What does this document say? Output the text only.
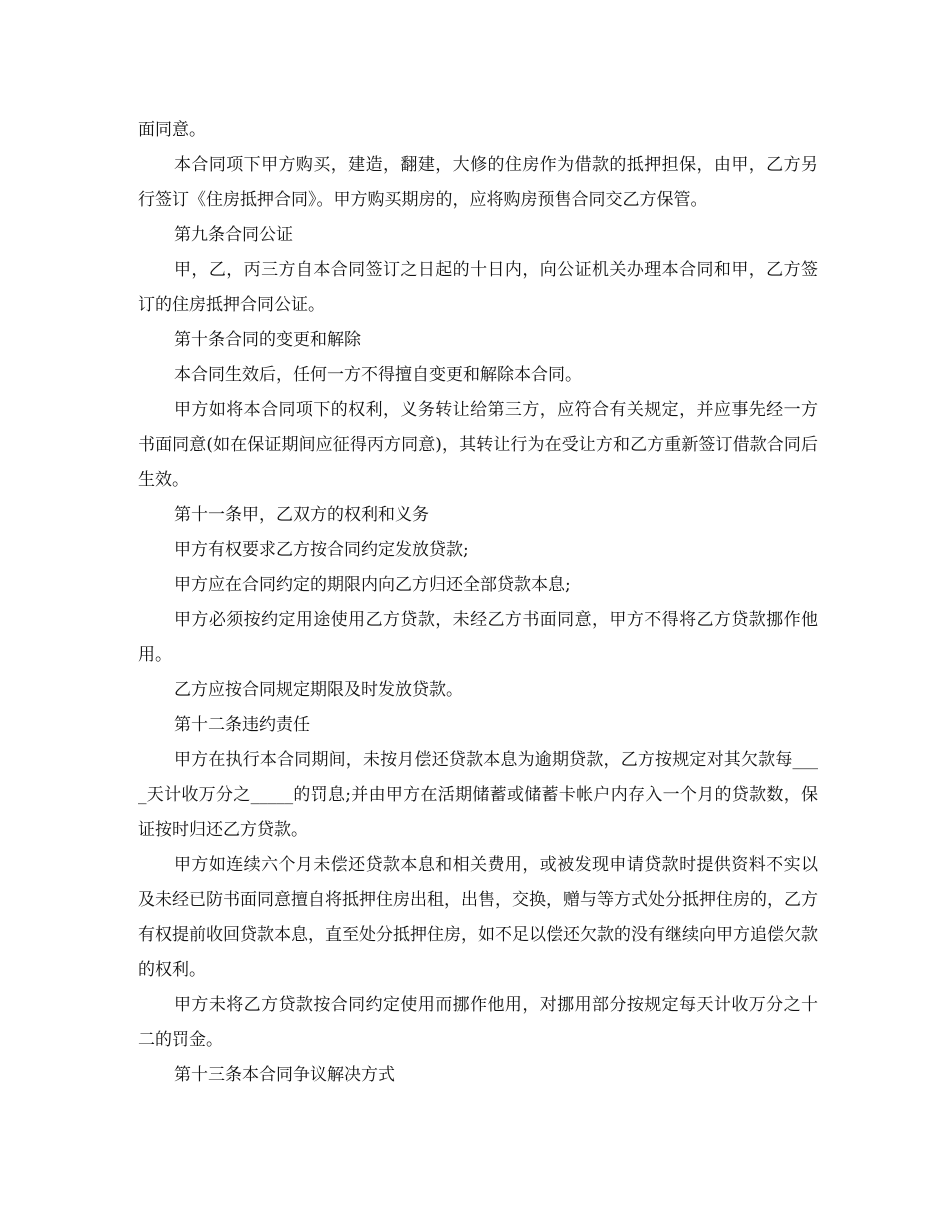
面同意。

本合同项下甲方购买，建造，翻建，大修的住房作为借款的抵押担保，由甲，乙方另行签订《住房抵押合同》。甲方购买期房的，应将购房预售合同交乙方保管。

第九条合同公证

甲，乙，丙三方自本合同签订之日起的十日内，向公证机关办理本合同和甲，乙方签订的住房抵押合同公证。

第十条合同的变更和解除

本合同生效后，任何一方不得擅自变更和解除本合同。

甲方如将本合同项下的权利，义务转让给第三方，应符合有关规定，并应事先经一方书面同意(如在保证期间应征得丙方同意)，其转让行为在受让方和乙方重新签订借款合同后生效。

第十一条甲，乙双方的权利和义务

甲方有权要求乙方按合同约定发放贷款;

甲方应在合同约定的期限内向乙方归还全部贷款本息;

甲方必须按约定用途使用乙方贷款，未经乙方书面同意，甲方不得将乙方贷款挪作他用。

乙方应按合同规定期限及时发放贷款。

第十二条违约责任

甲方在执行本合同期间，未按月偿还贷款本息为逾期贷款，乙方按规定对其欠款每____天计收万分之_____的罚息;并由甲方在活期储蓄或储蓄卡帐户内存入一个月的贷款数，保证按时归还乙方贷款。

甲方如连续六个月未偿还贷款本息和相关费用，或被发现申请贷款时提供资料不实以及未经已防书面同意擅自将抵押住房出租，出售，交换，赠与等方式处分抵押住房的，乙方有权提前收回贷款本息，直至处分抵押住房，如不足以偿还欠款的没有继续向甲方追偿欠款的权利。

甲方未将乙方贷款按合同约定使用而挪作他用，对挪用部分按规定每天计收万分之十二的罚金。

第十三条本合同争议解决方式
